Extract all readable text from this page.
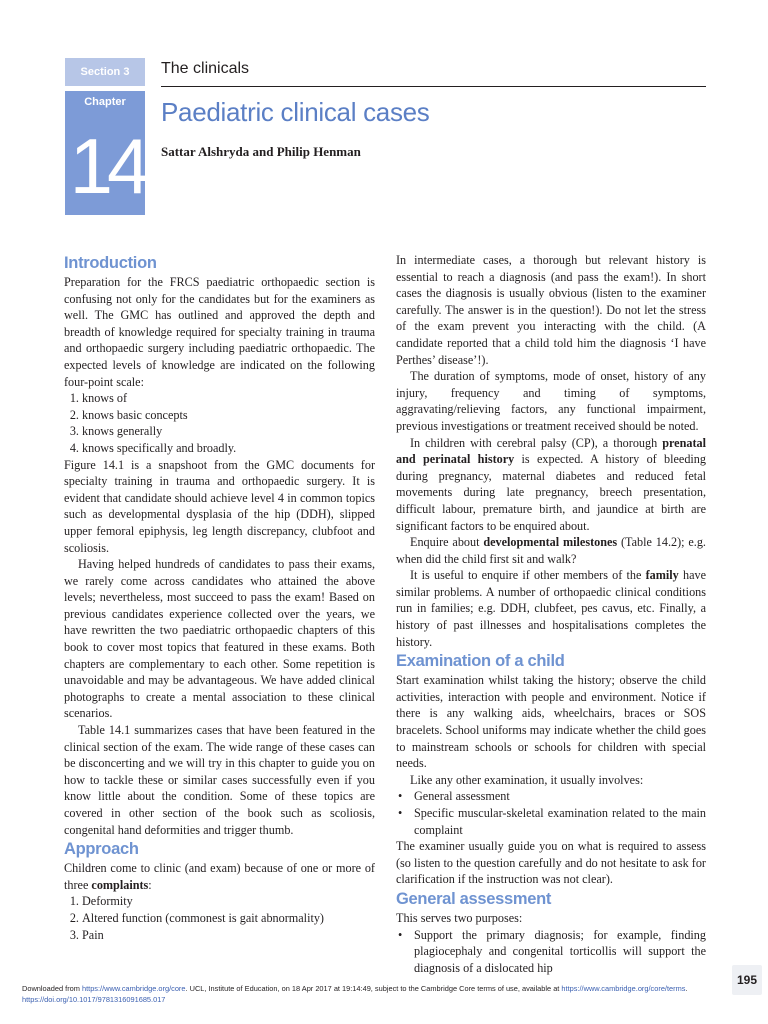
Section 3	The clinicals
Chapter
14
Paediatric clinical cases
Sattar Alshryda and Philip Henman
Introduction

Preparation for the FRCS paediatric orthopaedic section is confusing not only for the candidates but for the examiners as well. The GMC has outlined and approved the depth and breadth of knowledge required for specialty training in trauma and orthopaedic surgery including paediatric orthopaedic. The expected levels of knowledge are indicated on the following four-point scale:

1. knows of
2. knows basic concepts
3. knows generally
4. knows specifically and broadly.

Figure 14.1 is a snapshoot from the GMC documents for specialty training in trauma and orthopaedic surgery. It is evident that candidate should achieve level 4 in common topics such as developmental dysplasia of the hip (DDH), slipped upper femoral epiphysis, leg length discrepancy, clubfoot and scoliosis.

Having helped hundreds of candidates to pass their exams, we rarely come across candidates who attained the above levels; nevertheless, most succeed to pass the exam! Based on previous candidates experience collected over the years, we have rewritten the two paediatric orthopaedic chapters of this book to cover most topics that featured in these exams. Both chapters are complementary to each other. Some repetition is unavoidable and may be advantageous. We have added clinical photographs to create a mental association to these clinical scenarios.

Table 14.1 summarizes cases that have been featured in the clinical section of the exam. The wide range of these cases can be disconcerting and we will try in this chapter to guide you on how to tackle these or similar cases successfully even if you know little about the condition. Some of these topics are covered in other section of the book such as scoliosis, congenital hand deformities and trigger thumb.

Approach

Children come to clinic (and exam) because of one or more of three complaints:

1. Deformity
2. Altered function (commonest is gait abnormality)
3. Pain

In intermediate cases, a thorough but relevant history is essential to reach a diagnosis (and pass the exam!). In short cases the diagnosis is usually obvious (listen to the examiner carefully. The answer is in the question!). Do not let the stress of the exam prevent you interacting with the child. (A candidate reported that a child told him the diagnosis ‘I have Perthes’ disease’!).

The duration of symptoms, mode of onset, history of any injury, frequency and timing of symptoms, aggravating/relieving factors, any functional impairment, previous investigations or treatment received should be noted.

In children with cerebral palsy (CP), a thorough prenatal and perinatal history is expected. A history of bleeding during pregnancy, maternal diabetes and reduced fetal movements during late pregnancy, breech presentation, difficult labour, premature birth, and jaundice at birth are significant factors to be enquired about.

Enquire about developmental milestones (Table 14.2); e.g. when did the child first sit and walk?

It is useful to enquire if other members of the family have similar problems. A number of orthopaedic clinical conditions run in families; e.g. DDH, clubfeet, pes cavus, etc. Finally, a history of past illnesses and hospitalisations completes the history.

Examination of a child

Start examination whilst taking the history; observe the child activities, interaction with people and environment. Notice if there is any walking aids, wheelchairs, braces or SOS bracelets. School uniforms may indicate whether the child goes to mainstream schools or schools for children with special needs.

Like any other examination, it usually involves:

• General assessment
• Specific muscular-skeletal examination related to the main complaint

The examiner usually guide you on what is required to assess (so listen to the question carefully and do not hesitate to ask for clarification if the instruction was not clear).

General assessment

This serves two purposes:

• Support the primary diagnosis; for example, finding plagiocephaly and congenital torticollis will support the diagnosis of a dislocated hip
195
Downloaded from https://www.cambridge.org/core. UCL, Institute of Education, on 18 Apr 2017 at 19:14:49, subject to the Cambridge Core terms of use, available at https://www.cambridge.org/core/terms.
https://doi.org/10.1017/9781316091685.017
